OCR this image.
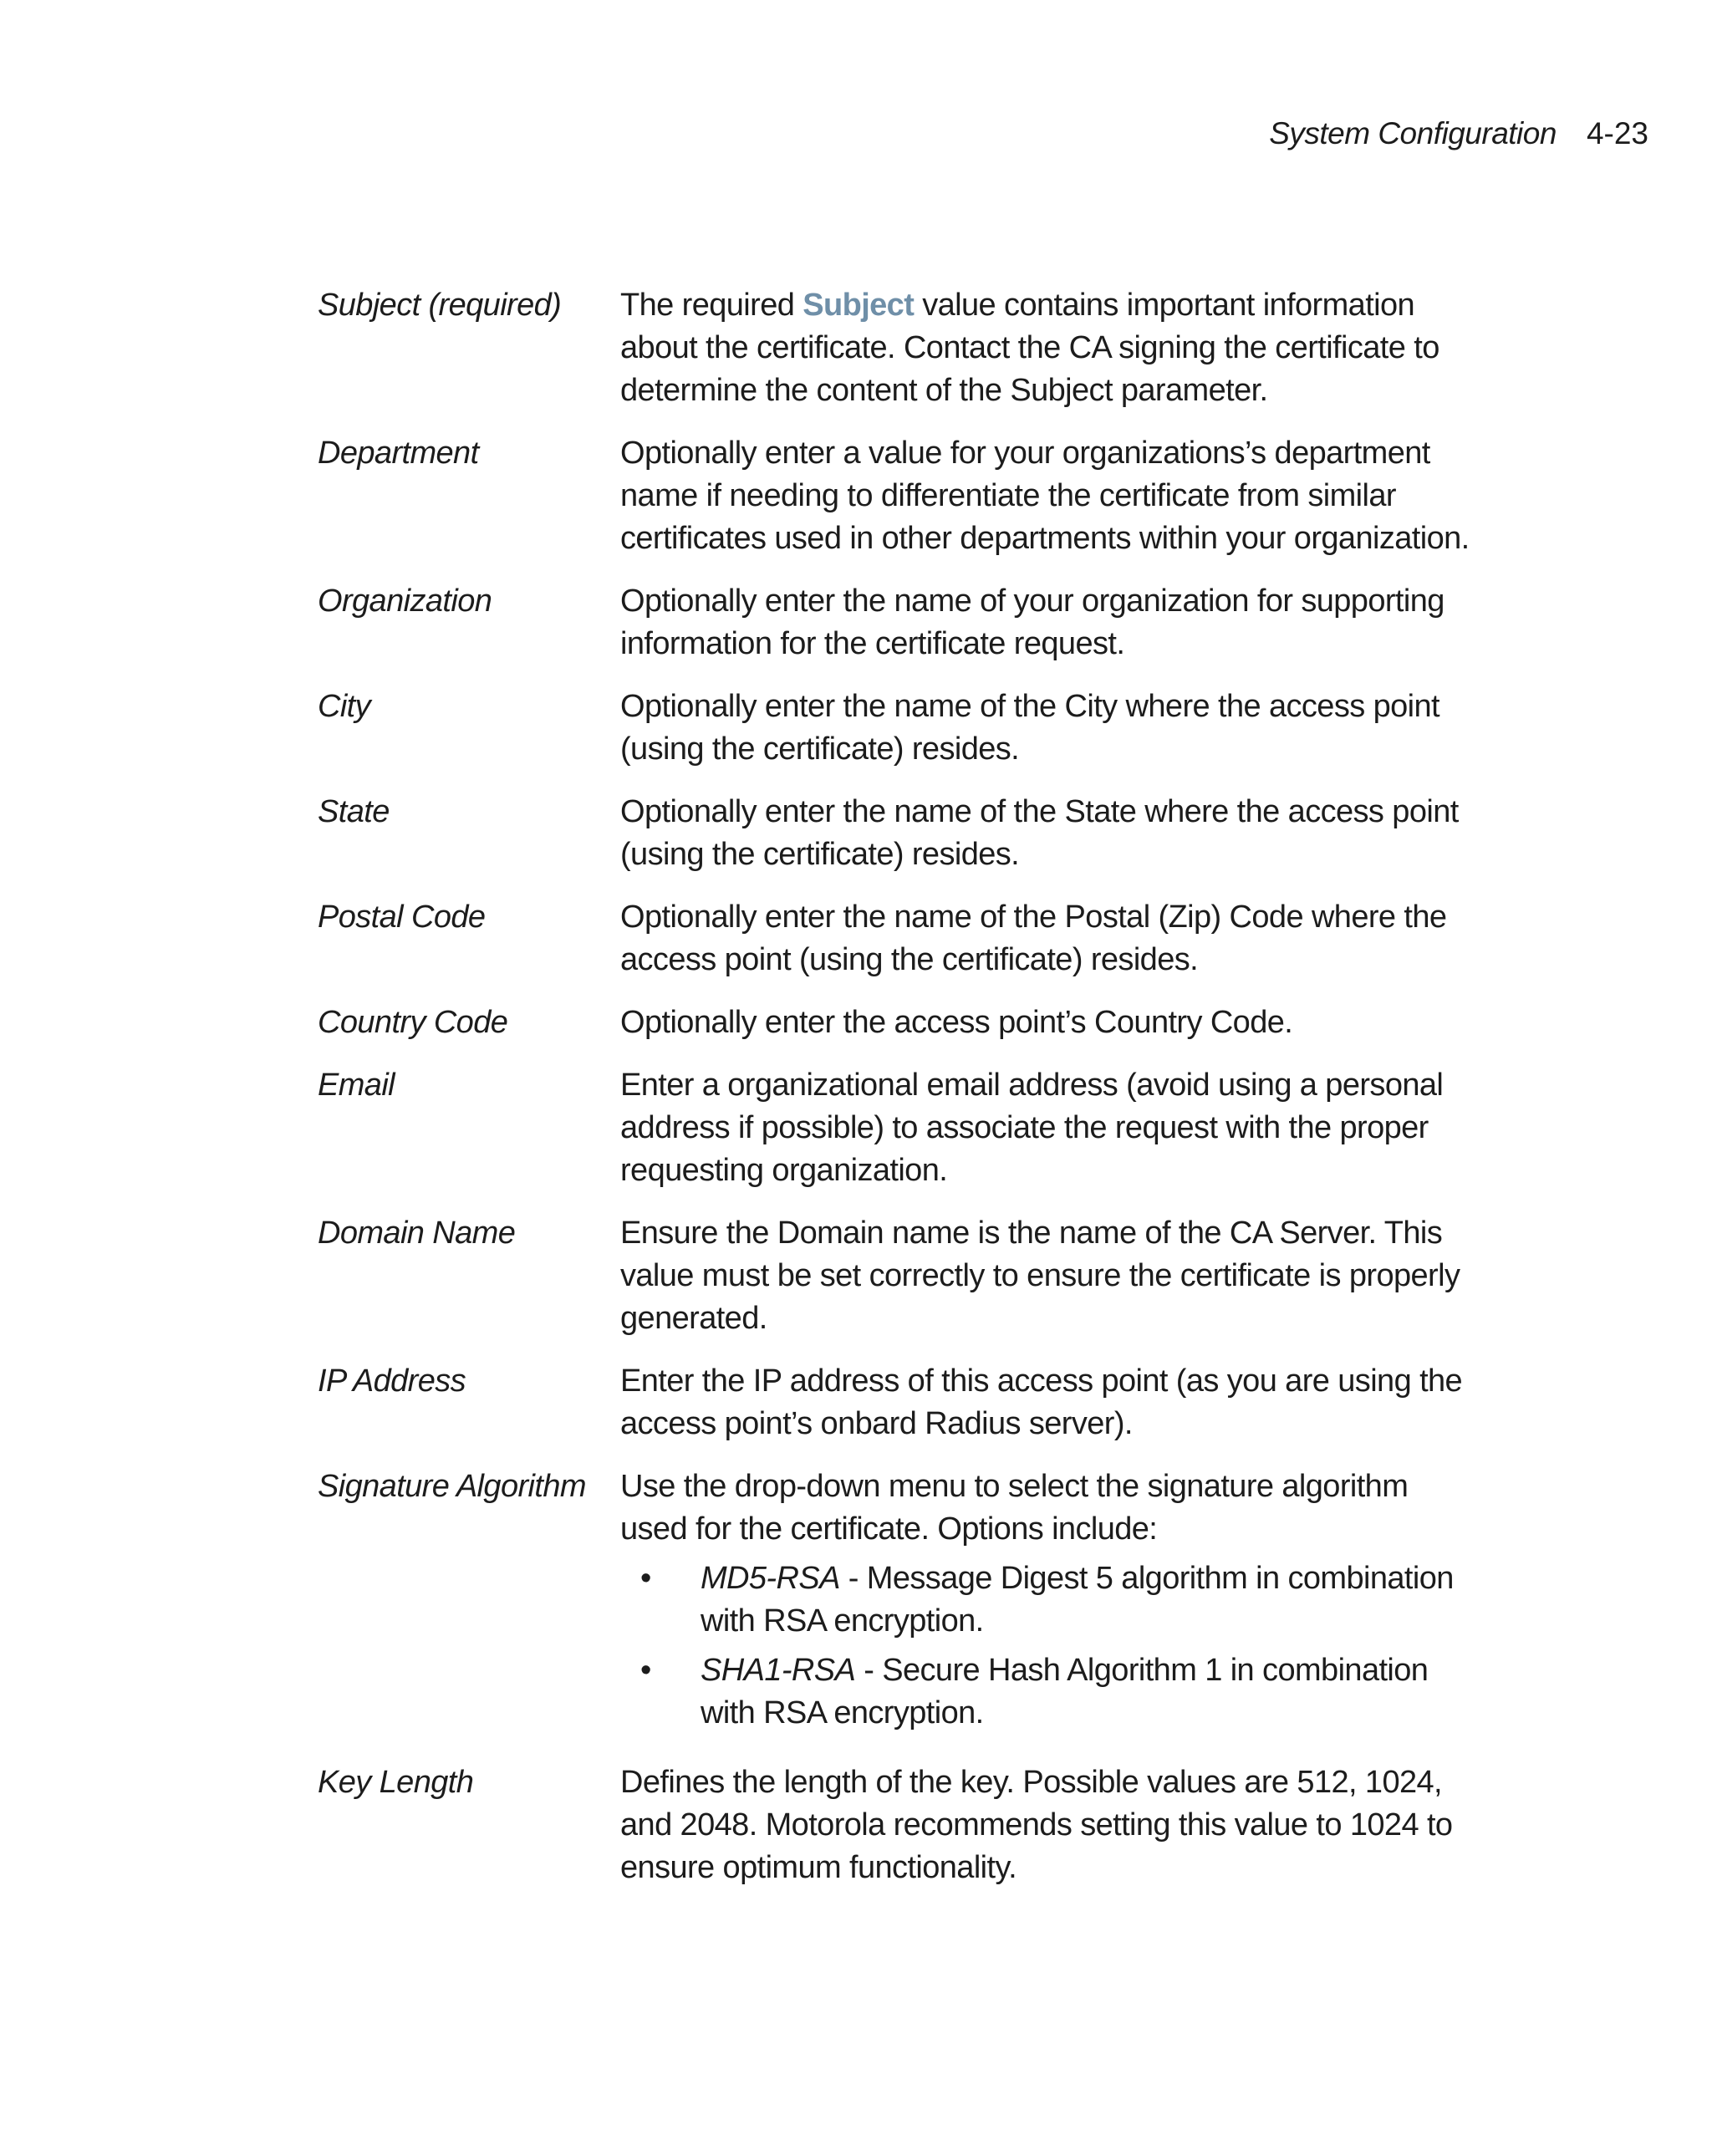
System Configuration 4-23
Subject (required)	The required Subject value contains important information about the certificate. Contact the CA signing the certificate to determine the content of the Subject parameter.
Department	Optionally enter a value for your organizations’s department name if needing to differentiate the certificate from similar certificates used in other departments within your organization.
Organization	Optionally enter the name of your organization for supporting information for the certificate request.
City	Optionally enter the name of the City where the access point (using the certificate) resides.
State	Optionally enter the name of the State where the access point (using the certificate) resides.
Postal Code	Optionally enter the name of the Postal (Zip) Code where the access point (using the certificate) resides.
Country Code	Optionally enter the access point’s Country Code.
Email	Enter a organizational email address (avoid using a personal address if possible) to associate the request with the proper requesting organization.
Domain Name	Ensure the Domain name is the name of the CA Server. This value must be set correctly to ensure the certificate is properly generated.
IP Address	Enter the IP address of this access point (as you are using the access point’s onbard Radius server).
Signature Algorithm	Use the drop-down menu to select the signature algorithm used for the certificate. Options include:
• MD5-RSA - Message Digest 5 algorithm in combination with RSA encryption.
• SHA1-RSA - Secure Hash Algorithm 1 in combination with RSA encryption.
Key Length	Defines the length of the key. Possible values are 512, 1024, and 2048. Motorola recommends setting this value to 1024 to ensure optimum functionality.
